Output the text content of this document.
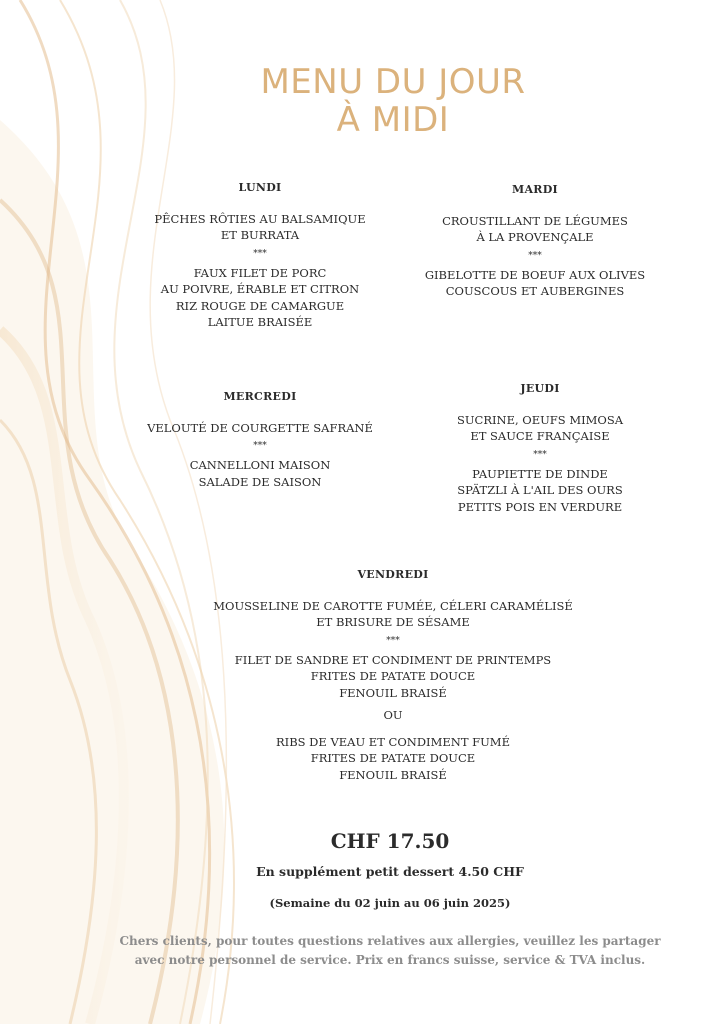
MENU DU JOUR
À MIDI
LUNDI
PÊCHES RÔTIES AU BALSAMIQUE
ET BURRATA
***
FAUX FILET DE PORC
AU POIVRE, ÉRABLE ET CITRON
RIZ ROUGE DE CAMARGUE
LAITUE BRAISÉE
MARDI
CROUSTILLANT DE LÉGUMES
À LA PROVENÇALE
***
GIBELOTTE DE BOEUF AUX OLIVES
COUSCOUS ET AUBERGINES
MERCREDI
VELOUTÉ DE COURGETTE SAFRANÉ
***
CANNELLONI MAISON
SALADE DE SAISON
JEUDI
SUCRINE, OEUFS MIMOSA
ET SAUCE FRANÇAISE
***
PAUPIETTE DE DINDE
SPÄTZLI À L'AIL DES OURS
PETITS POIS EN VERDURE
VENDREDI
MOUSSELINE DE CAROTTE FUMÉE, CÉLERI CARAMÉLISÉ
ET BRISURE DE SÉSAME
***
FILET DE SANDRE ET CONDIMENT DE PRINTEMPS
FRITES DE PATATE DOUCE
FENOUIL BRAISÉ
OU
RIBS DE VEAU ET CONDIMENT FUMÉ
FRITES DE PATATE DOUCE
FENOUIL BRAISÉ
CHF 17.50
En supplément petit dessert 4.50 CHF
(Semaine du 02 juin au 06 juin 2025)
Chers clients, pour toutes questions relatives aux allergies, veuillez les partager
avec notre personnel de service. Prix en francs suisse, service & TVA inclus.
